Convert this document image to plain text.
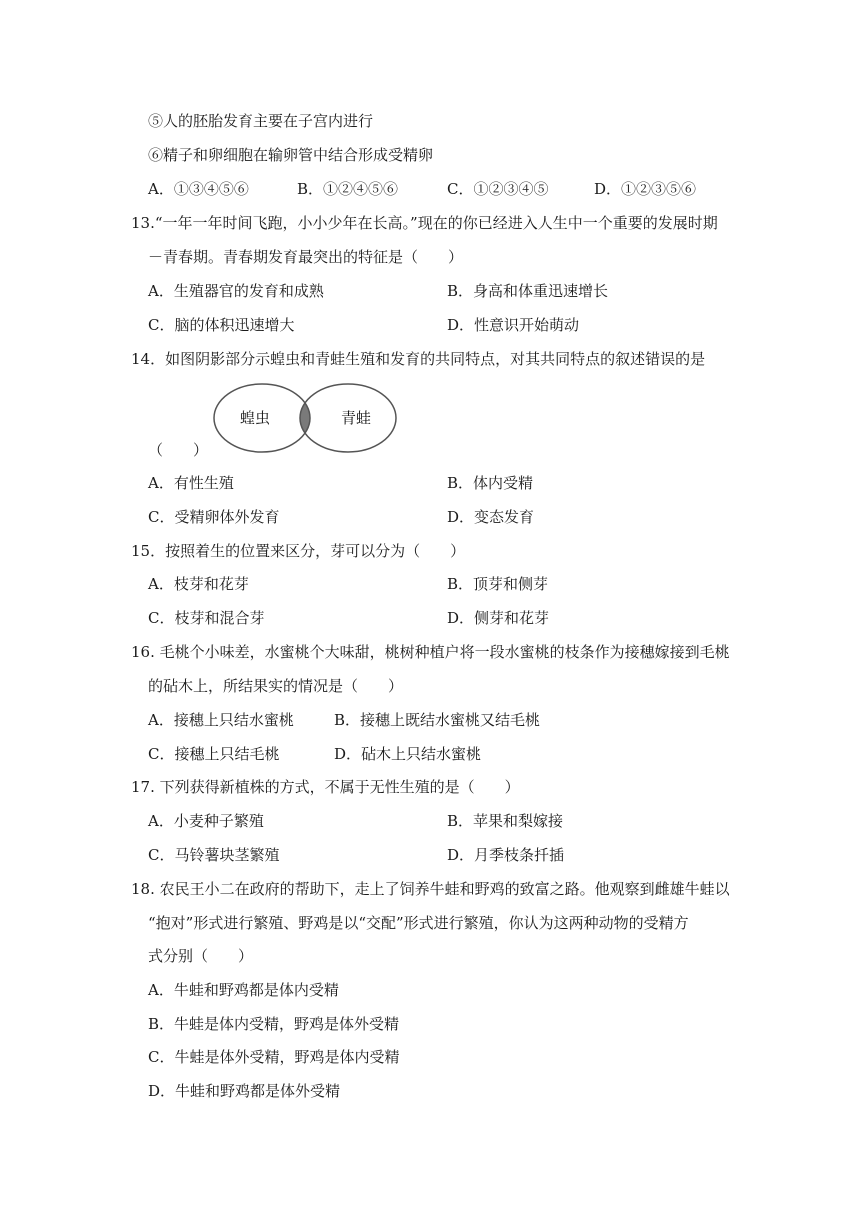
⑤人的胚胎发育主要在子宫内进行
⑥精子和卵细胞在输卵管中结合形成受精卵
A．①③④⑤⑥	B．①②④⑤⑥	C．①②③④⑤	D．①②③⑤⑥
13.“一年一年时间飞跑，小小少年在长高。”现在的你已经进入人生中一个重要的发展时期
－青春期。青春期发育最突出的特征是（　　）
A．生殖器官的发育和成熟	B．身高和体重迅速增长
C．脑的体积迅速增大	D．性意识开始萌动
14．如图阴影部分示蝗虫和青蛙生殖和发育的共同特点，对其共同特点的叙述错误的是
蝗虫	青蛙
（　　）
A．有性生殖	B．体内受精
C．受精卵体外发育	D．变态发育
15．按照着生的位置来区分，芽可以分为（　　）
A．枝芽和花芽	B．顶芽和侧芽
C．枝芽和混合芽	D．侧芽和花芽
16. 毛桃个小味差，水蜜桃个大味甜，桃树种植户将一段水蜜桃的枝条作为接穗嫁接到毛桃
的砧木上，所结果实的情况是（　　）
A．接穗上只结水蜜桃	B．接穗上既结水蜜桃又结毛桃
C．接穗上只结毛桃	D．砧木上只结水蜜桃
17. 下列获得新植株的方式，不属于无性生殖的是（　　）
A．小麦种子繁殖	B．苹果和梨嫁接
C．马铃薯块茎繁殖	D．月季枝条扦插
18. 农民王小二在政府的帮助下，走上了饲养牛蛙和野鸡的致富之路。他观察到雌雄牛蛙以
“抱对”形式进行繁殖、野鸡是以“交配”形式进行繁殖，你认为这两种动物的受精方
式分别（　　）
A．牛蛙和野鸡都是体内受精
B．牛蛙是体内受精，野鸡是体外受精
C．牛蛙是体外受精，野鸡是体内受精
D．牛蛙和野鸡都是体外受精
